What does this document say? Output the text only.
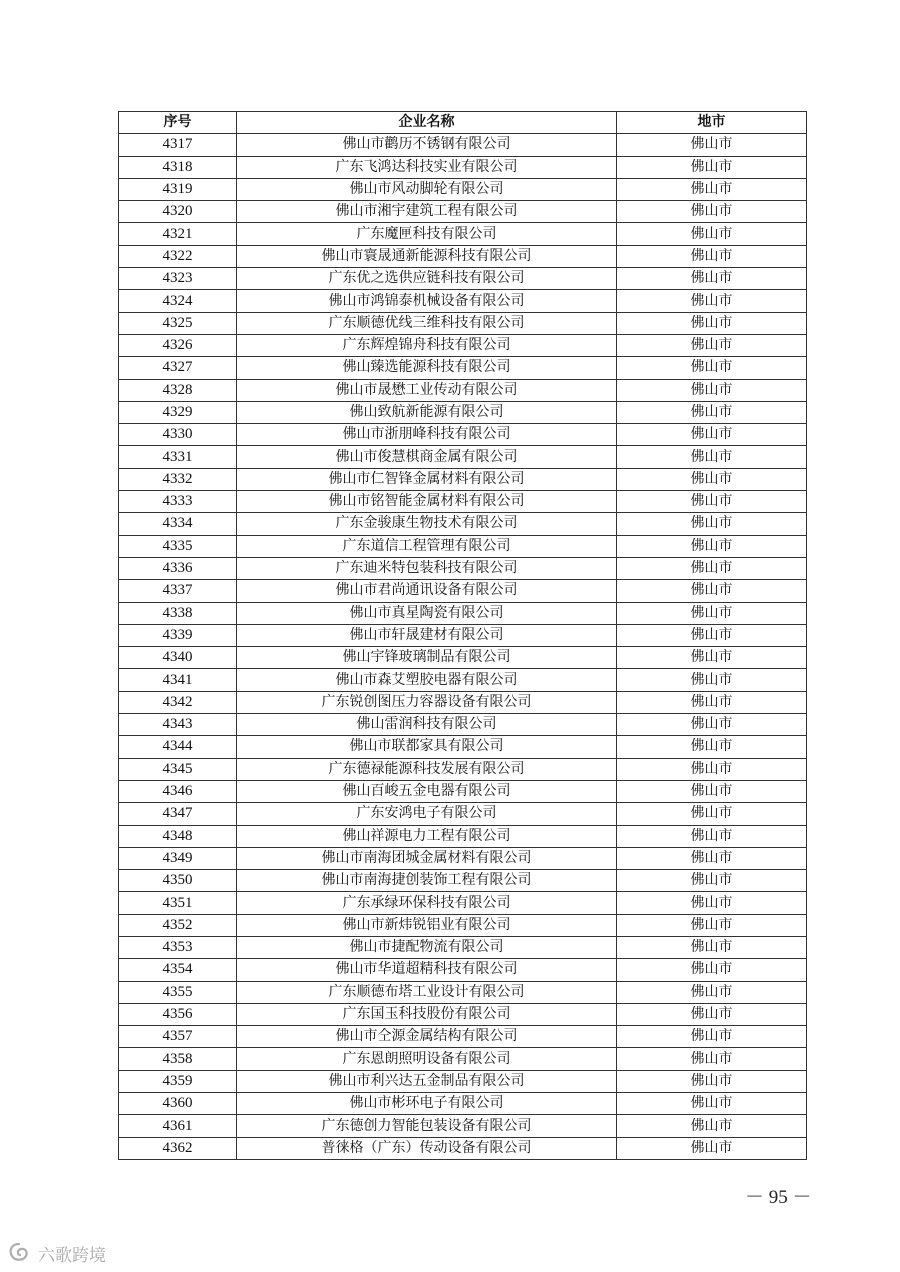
序号	企业名称	地市
4317	佛山市鹳历不锈钢有限公司	佛山市
4318	广东飞鸿达科技实业有限公司	佛山市
4319	佛山市风动脚轮有限公司	佛山市
4320	佛山市湘宇建筑工程有限公司	佛山市
4321	广东魔匣科技有限公司	佛山市
4322	佛山市寰晟通新能源科技有限公司	佛山市
4323	广东优之选供应链科技有限公司	佛山市
4324	佛山市鸿锦泰机械设备有限公司	佛山市
4325	广东顺德优线三维科技有限公司	佛山市
4326	广东辉煌锦舟科技有限公司	佛山市
4327	佛山臻选能源科技有限公司	佛山市
4328	佛山市晟懋工业传动有限公司	佛山市
4329	佛山致航新能源有限公司	佛山市
4330	佛山市浙朋峰科技有限公司	佛山市
4331	佛山市俊慧棋商金属有限公司	佛山市
4332	佛山市仁智锋金属材料有限公司	佛山市
4333	佛山市铭智能金属材料有限公司	佛山市
4334	广东金骏康生物技术有限公司	佛山市
4335	广东道信工程管理有限公司	佛山市
4336	广东迪米特包装科技有限公司	佛山市
4337	佛山市君尚通讯设备有限公司	佛山市
4338	佛山市真星陶瓷有限公司	佛山市
4339	佛山市轩晟建材有限公司	佛山市
4340	佛山宇锋玻璃制品有限公司	佛山市
4341	佛山市森艾塑胶电器有限公司	佛山市
4342	广东锐创图压力容器设备有限公司	佛山市
4343	佛山雷润科技有限公司	佛山市
4344	佛山市联都家具有限公司	佛山市
4345	广东德禄能源科技发展有限公司	佛山市
4346	佛山百峻五金电器有限公司	佛山市
4347	广东安鸿电子有限公司	佛山市
4348	佛山祥源电力工程有限公司	佛山市
4349	佛山市南海团城金属材料有限公司	佛山市
4350	佛山市南海捷创装饰工程有限公司	佛山市
4351	广东承绿环保科技有限公司	佛山市
4352	佛山市新炜锐铝业有限公司	佛山市
4353	佛山市捷配物流有限公司	佛山市
4354	佛山市华道超精科技有限公司	佛山市
4355	广东顺德布塔工业设计有限公司	佛山市
4356	广东国玉科技股份有限公司	佛山市
4357	佛山市仝源金属结构有限公司	佛山市
4358	广东恩朗照明设备有限公司	佛山市
4359	佛山市利兴达五金制品有限公司	佛山市
4360	佛山市彬环电子有限公司	佛山市
4361	广东德创力智能包装设备有限公司	佛山市
4362	普徕格（广东）传动设备有限公司	佛山市
－ 95 －
六歌跨境
